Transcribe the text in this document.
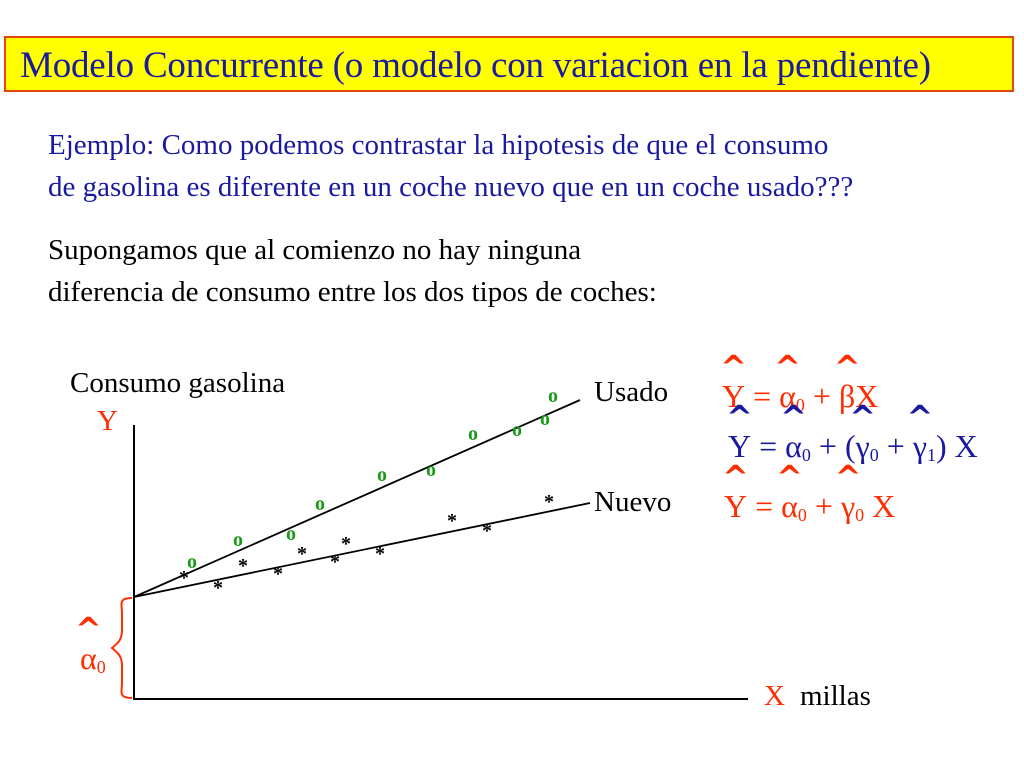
Modelo Concurrente (o modelo con variacion en la pendiente)
Ejemplo: Como podemos contrastar la hipotesis de que el consumo
de gasolina es diferente en un coche nuevo que en un coche usado???
Supongamos que al comienzo no hay ninguna
diferencia de consumo entre los dos tipos de coches:
o
o o
o
o o
o o o
o
* *
* *
* *
* *
* *
*
Consumo gasolina
Y
Usado
Nuevo
X millas
^ $\alpha_0$
^ Y = ^ $\alpha_0$ + ^ βX
^ Y = ^ $\alpha_0$ + (^ $\gamma_0$ + ^ $\gamma_1$) X
^ Y = ^ $\alpha_0$ + ^ $\gamma_0$ X
